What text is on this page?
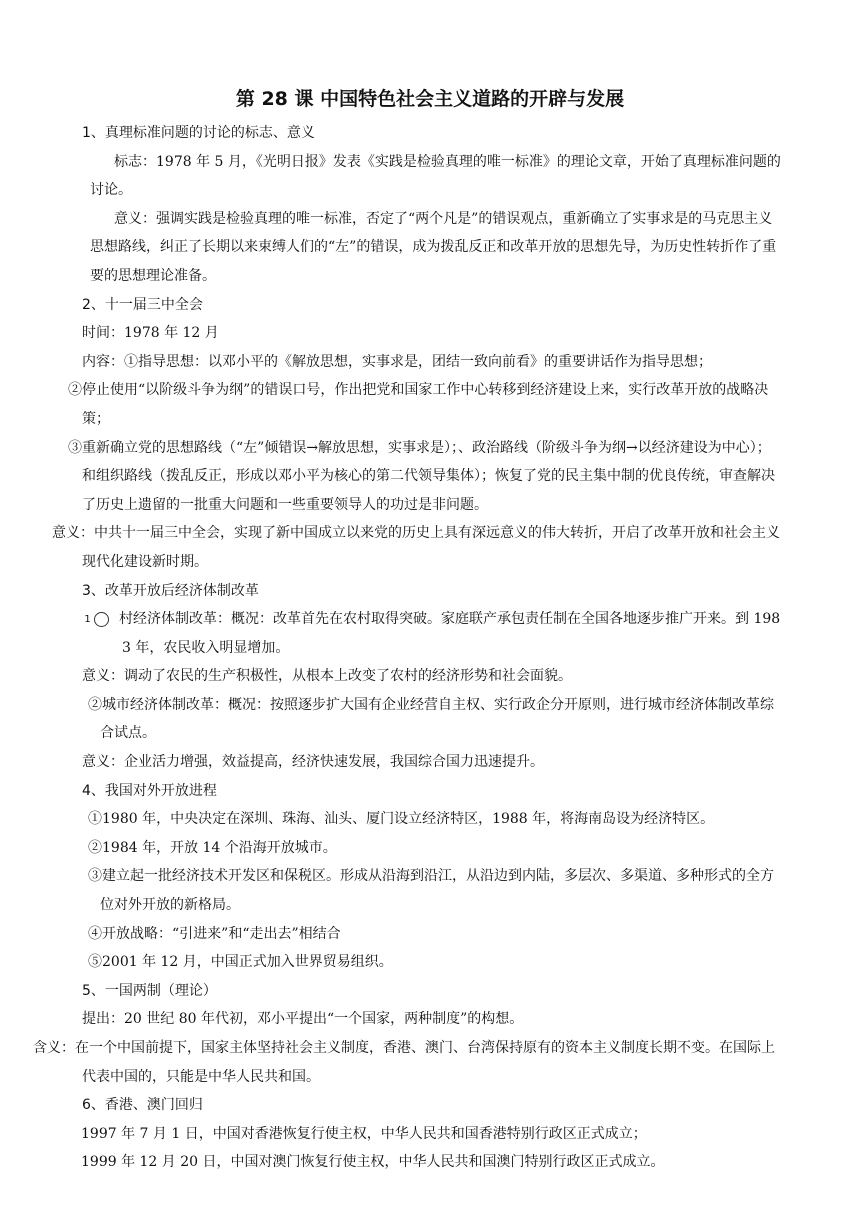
第 28 课 中国特色社会主义道路的开辟与发展

1、真理标准问题的讨论的标志、意义

标志：1978 年 5 月，《光明日报》发表《实践是检验真理的唯一标准》的理论文章，开始了真理标准问题的讨论。

意义：强调实践是检验真理的唯一标准，否定了“两个凡是”的错误观点，重新确立了实事求是的马克思主义思想路线，纠正了长期以来束缚人们的“左”的错误，成为拨乱反正和改革开放的思想先导，为历史性转折作了重要的思想理论准备。

2、十一届三中全会

时间：1978 年 12 月

内容：①指导思想：以邓小平的《解放思想，实事求是，团结一致向前看》的重要讲话作为指导思想；

②停止使用“以阶级斗争为纲”的错误口号，作出把党和国家工作中心转移到经济建设上来，实行改革开放的战略决策；

③重新确立党的思想路线（“左”倾错误→解放思想，实事求是）；、政治路线（阶级斗争为纲→以经济建设为中心）；和组织路线（拨乱反正，形成以邓小平为核心的第二代领导集体）；恢复了党的民主集中制的优良传统，审查解决了历史上遗留的一批重大问题和一些重要领导人的功过是非问题。

意义：中共十一届三中全会，实现了新中国成立以来党的历史上具有深远意义的伟大转折，开启了改革开放和社会主义现代化建设新时期。

3、改革开放后经济体制改革

1 村经济体制改革：概况：改革首先在农村取得突破。家庭联产承包责任制在全国各地逐步推广开来。到 1983 年，农民收入明显增加。

意义：调动了农民的生产积极性，从根本上改变了农村的经济形势和社会面貌。

②城市经济体制改革：概况：按照逐步扩大国有企业经营自主权、实行政企分开原则，进行城市经济体制改革综合试点。

意义：企业活力增强，效益提高，经济快速发展，我国综合国力迅速提升。

4、我国对外开放进程

①1980 年，中央决定在深圳、珠海、汕头、厦门设立经济特区，1988 年，将海南岛设为经济特区。

②1984 年，开放 14 个沿海开放城市。

③建立起一批经济技术开发区和保税区。形成从沿海到沿江，从沿边到内陆，多层次、多渠道、多种形式的全方位对外开放的新格局。

④开放战略：“引进来”和“走出去”相结合

⑤2001 年 12 月，中国正式加入世界贸易组织。

5、一国两制（理论）

提出：20 世纪 80 年代初，邓小平提出“一个国家，两种制度”的构想。

含义：在一个中国前提下，国家主体坚持社会主义制度，香港、澳门、台湾保持原有的资本主义制度长期不变。在国际上代表中国的，只能是中华人民共和国。

6、香港、澳门回归

1997 年 7 月 1 日，中国对香港恢复行使主权，中华人民共和国香港特别行政区正式成立；

1999 年 12 月 20 日，中国对澳门恢复行使主权，中华人民共和国澳门特别行政区正式成立。
